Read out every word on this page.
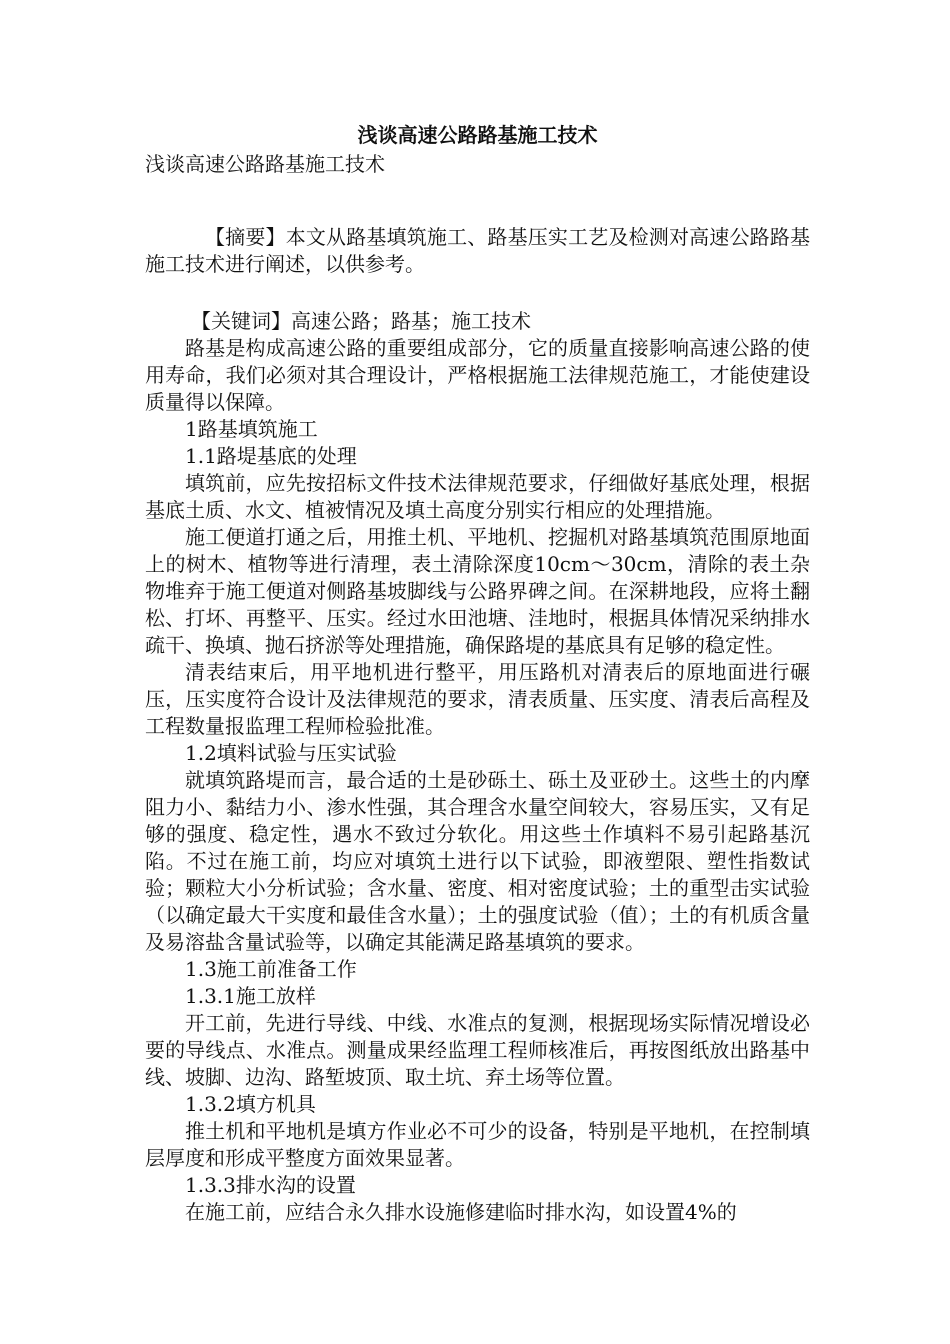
浅谈高速公路路基施工技术
浅谈高速公路路基施工技术

【摘要】本文从路基填筑施工、路基压实工艺及检测对高速公路路基施工技术进行阐述，以供参考。

【关键词】高速公路；路基；施工技术

路基是构成高速公路的重要组成部分，它的质量直接影响高速公路的使用寿命，我们必须对其合理设计，严格根据施工法律规范施工，才能使建设质量得以保障。

1路基填筑施工

1.1路堤基底的处理

填筑前，应先按招标文件技术法律规范要求，仔细做好基底处理，根据基底土质、水文、植被情况及填土高度分别实行相应的处理措施。

施工便道打通之后，用推土机、平地机、挖掘机对路基填筑范围原地面上的树木、植物等进行清理，表土清除深度10cm～30cm，清除的表土杂物堆弃于施工便道对侧路基坡脚线与公路界碑之间。在深耕地段，应将土翻松、打坏、再整平、压实。经过水田池塘、洼地时，根据具体情况采纳排水疏干、换填、抛石挤淤等处理措施，确保路堤的基底具有足够的稳定性。

清表结束后，用平地机进行整平，用压路机对清表后的原地面进行碾压，压实度符合设计及法律规范的要求，清表质量、压实度、清表后高程及工程数量报监理工程师检验批准。

1.2填料试验与压实试验

就填筑路堤而言，最合适的土是砂砾土、砾土及亚砂土。这些土的内摩阻力小、黏结力小、渗水性强，其合理含水量空间较大，容易压实，又有足够的强度、稳定性，遇水不致过分软化。用这些土作填料不易引起路基沉陷。不过在施工前，均应对填筑土进行以下试验，即液塑限、塑性指数试验；颗粒大小分析试验；含水量、密度、相对密度试验；土的重型击实试验（以确定最大干实度和最佳含水量）；土的强度试验（值）；土的有机质含量及易溶盐含量试验等，以确定其能满足路基填筑的要求。

1.3施工前准备工作

1.3.1施工放样

开工前，先进行导线、中线、水准点的复测，根据现场实际情况增设必要的导线点、水准点。测量成果经监理工程师核准后，再按图纸放出路基中线、坡脚、边沟、路堑坡顶、取土坑、弃土场等位置。

1.3.2填方机具

推土机和平地机是填方作业必不可少的设备，特别是平地机，在控制填层厚度和形成平整度方面效果显著。

1.3.3排水沟的设置

在施工前，应结合永久排水设施修建临时排水沟，如设置4%的
